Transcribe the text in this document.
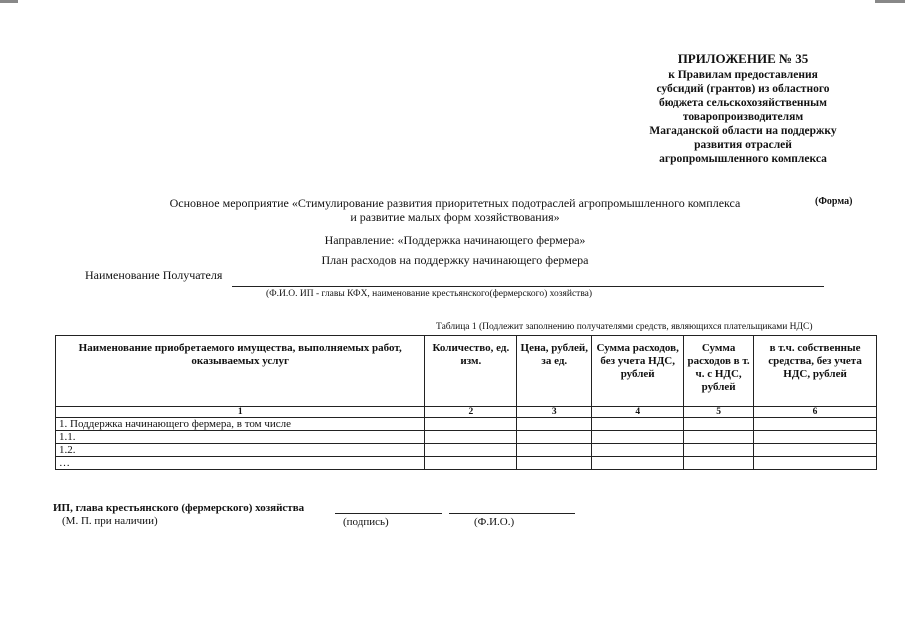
ПРИЛОЖЕНИЕ № 35
к Правилам предоставления
субсидий (грантов) из областного
бюджета сельскохозяйственным
товаропроизводителям
Магаданской области на поддержку
развития отраслей
агропромышленного комплекса
(Форма)
Основное мероприятие «Стимулирование развития приоритетных подотраслей агропромышленного комплекса
и развитие малых форм хозяйствования»
Направление: «Поддержка начинающего фермера»
План расходов на поддержку начинающего фермера
Наименование Получателя
(Ф.И.О. ИП - главы КФХ, наименование крестьянского(фермерского) хозяйства)
Таблица 1 (Подлежит заполнению получателями средств, являющихся плательщиками НДС)
Наименование приобретаемого имущества, выполняемых работ, оказываемых услуг	Количество, ед. изм.	Цена, рублей, за ед.	Сумма расходов, без учета НДС, рублей	Сумма расходов в т. ч. с НДС, рублей	в т.ч. собственные средства, без учета НДС, рублей
1	2	3	4	5	6
1. Поддержка начинающего фермера, в том числе					
1.1.					
1.2.					
…					
ИП, глава крестьянского (фермерского) хозяйства
(М. П. при наличии)	(подпись)	(Ф.И.О.)
